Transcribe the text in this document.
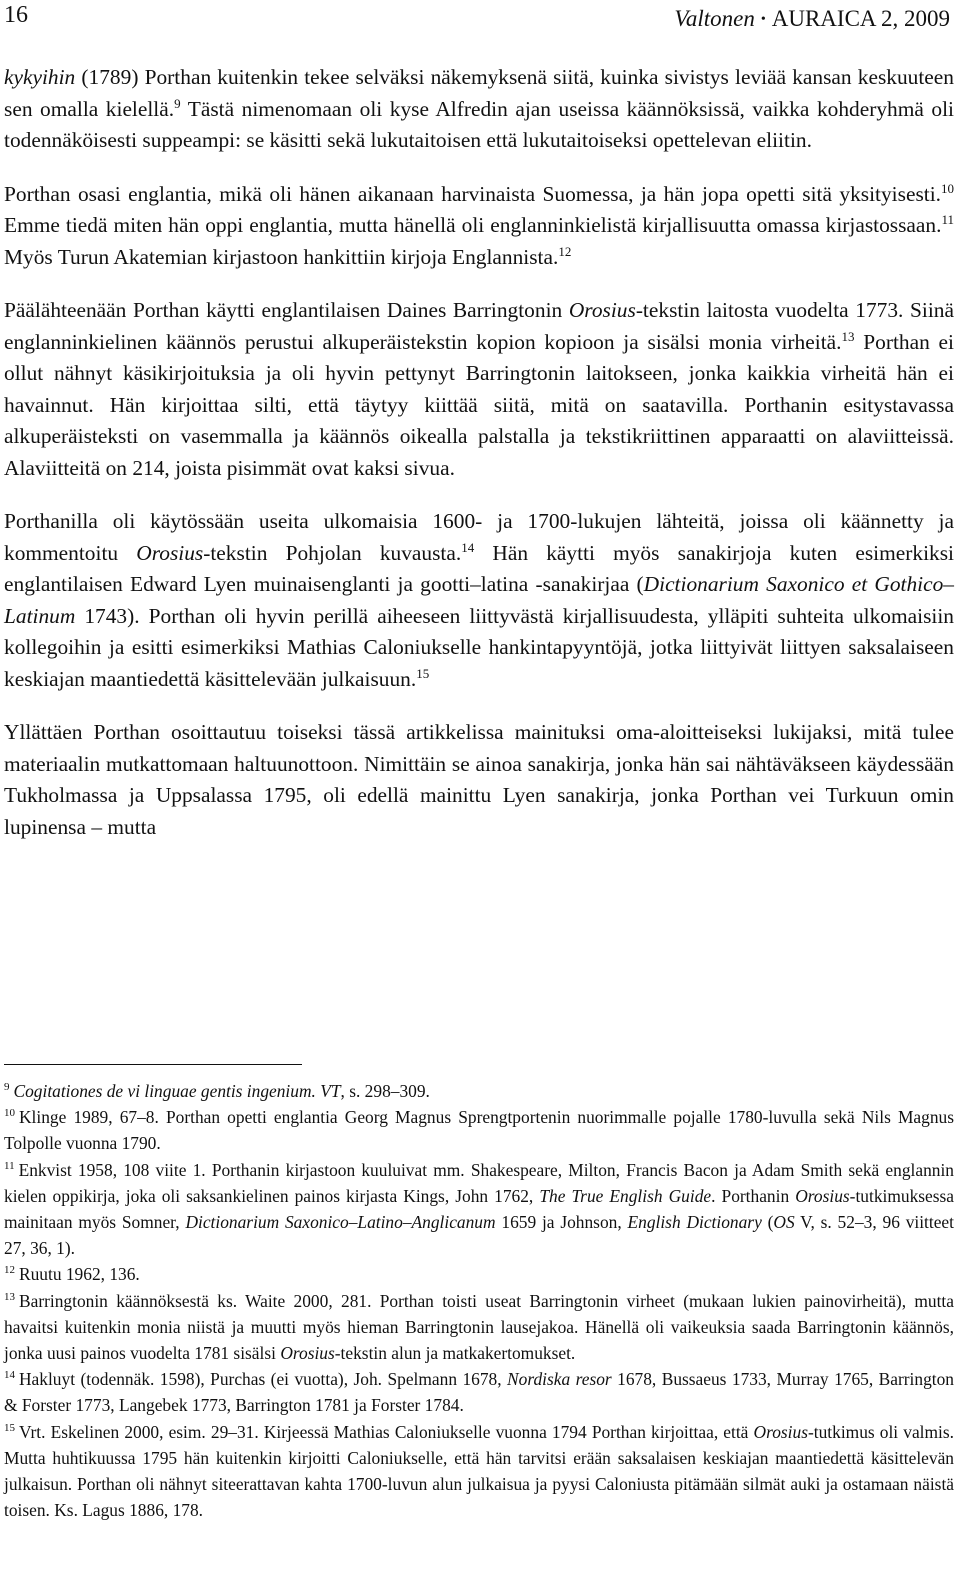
16	Valtonen • AURAICA 2, 2009

kykyihin (1789) Porthan kuitenkin tekee selväksi näkemyksenä siitä, kuinka sivistys leviää kansan keskuuteen sen omalla kielellä.$^9$ Tästä nimenomaan oli kyse Alfredin ajan useissa käännöksissä, vaikka kohderyhmä oli todennäköisesti suppeampi: se käsitti sekä lukutaitoisen että lukutaitoiseksi opettelevan eliitin.

Porthan osasi englantia, mikä oli hänen aikanaan harvinaista Suomessa, ja hän jopa opetti sitä yksityisesti.$^{10}$ Emme tiedä miten hän oppi englantia, mutta hänellä oli englanninkielistä kirjallisuutta omassa kirjastossaan.$^{11}$ Myös Turun Akatemian kirjastoon hankittiin kirjoja Englannista.$^{12}$

Päälähteenään Porthan käytti englantilaisen Daines Barringtonin Orosius-tekstin laitosta vuodelta 1773. Siinä englanninkielinen käännös perustui alkuperäistekstin kopion kopioon ja sisälsi monia virheitä.$^{13}$ Porthan ei ollut nähnyt käsikirjoituksia ja oli hyvin pettynyt Barringtonin laitokseen, jonka kaikkia virheitä hän ei havainnut. Hän kirjoittaa silti, että täytyy kiittää siitä, mitä on saatavilla. Porthanin esitystavassa alkuperäisteksti on vasemmalla ja käännös oikealla palstalla ja tekstikriittinen apparaatti on alaviitteissä. Alaviitteitä on 214, joista pisimmät ovat kaksi sivua.

Porthanilla oli käytössään useita ulkomaisia 1600- ja 1700-lukujen lähteitä, joissa oli käännetty ja kommentoitu Orosius-tekstin Pohjolan kuvausta.$^{14}$ Hän käytti myös sanakirjoja kuten esimerkiksi englantilaisen Edward Lyen muinaisenglanti ja gootti–latina -sanakirjaa (Dictionarium Saxonico et Gothico–Latinum 1743). Porthan oli hyvin perillä aiheeseen liittyvästä kirjallisuudesta, ylläpiti suhteita ulkomaisiin kollegoihin ja esitti esimerkiksi Mathias Caloniukselle hankintapyyntöjä, jotka liittyivät liittyen saksalaiseen keskiajan maantiedettä käsittelevään julkaisuun.$^{15}$

Yllättäen Porthan osoittautuu toiseksi tässä artikkelissa mainituksi oma-aloitteiseksi lukijaksi, mitä tulee materiaalin mutkattomaan haltuunottoon. Nimittäin se ainoa sanakirja, jonka hän sai nähtäväkseen käydessään Tukholmassa ja Uppsalassa 1795, oli edellä mainittu Lyen sanakirja, jonka Porthan vei Turkuun omin lupinensa – mutta

$^9$ Cogitationes de vi linguae gentis ingenium. VT, s. 298–309.

$^{10}$ Klinge 1989, 67–8. Porthan opetti englantia Georg Magnus Sprengtportenin nuorimmalle pojalle 1780-luvulla sekä Nils Magnus Tolpolle vuonna 1790.

$^{11}$ Enkvist 1958, 108 viite 1. Porthanin kirjastoon kuuluivat mm. Shakespeare, Milton, Francis Bacon ja Adam Smith sekä englannin kielen oppikirja, joka oli saksankielinen painos kirjasta Kings, John 1762, The True English Guide. Porthanin Orosius-tutkimuksessa mainitaan myös Somner, Dictionarium Saxonico–Latino–Anglicanum 1659 ja Johnson, English Dictionary (OS V, s. 52–3, 96 viitteet 27, 36, 1).

$^{12}$ Ruutu 1962, 136.

$^{13}$ Barringtonin käännöksestä ks. Waite 2000, 281. Porthan toisti useat Barringtonin virheet (mukaan lukien painovirheitä), mutta havaitsi kuitenkin monia niistä ja muutti myös hieman Barringtonin lausejakoa. Hänellä oli vaikeuksia saada Barringtonin käännös, jonka uusi painos vuodelta 1781 sisälsi Orosius-tekstin alun ja matkakertomukset.

$^{14}$ Hakluyt (todennäk. 1598), Purchas (ei vuotta), Joh. Spelmann 1678, Nordiska resor 1678, Bussaeus 1733, Murray 1765, Barrington & Forster 1773, Langebek 1773, Barrington 1781 ja Forster 1784.

$^{15}$ Vrt. Eskelinen 2000, esim. 29–31. Kirjeessä Mathias Caloniukselle vuonna 1794 Porthan kirjoittaa, että Orosius-tutkimus oli valmis. Mutta huhtikuussa 1795 hän kuitenkin kirjoitti Caloniukselle, että hän tarvitsi erään saksalaisen keskiajan maantiedettä käsittelevän julkaisun. Porthan oli nähnyt siteerattavan kahta 1700-luvun alun julkaisua ja pyysi Caloniusta pitämään silmät auki ja ostamaan näistä toisen. Ks. Lagus 1886, 178.
